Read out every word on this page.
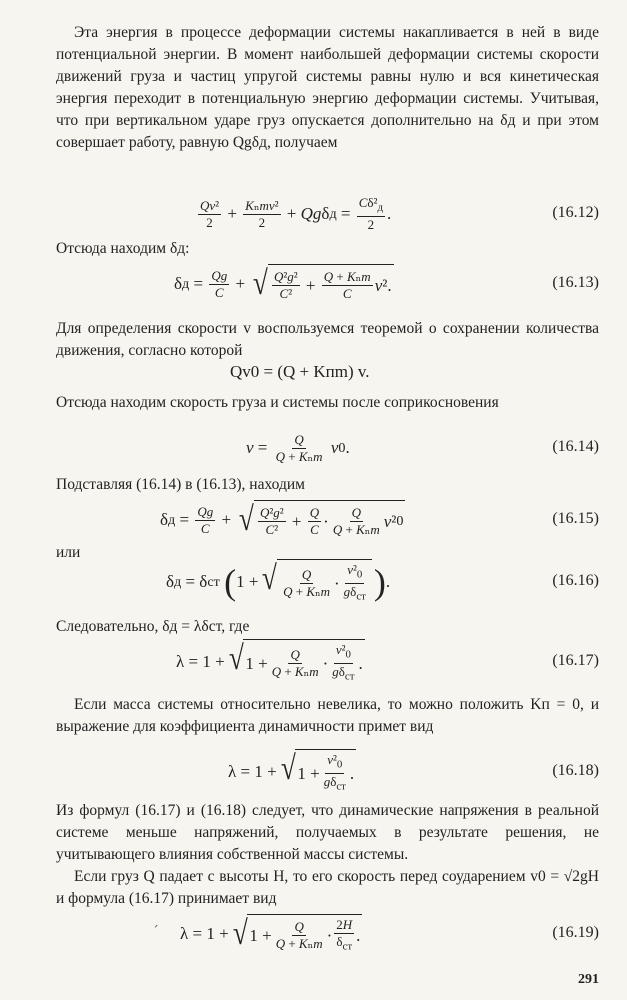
Эта энергия в процессе деформации системы накапливается в ней в виде потенциальной энергии. В момент наибольшей деформации системы скорости движений груза и частиц упругой системы равны нулю и вся кинетическая энергия переходит в потенциальную энергию деформации системы. Учитывая, что при вертикальном ударе груз опускается дополнительно на δд и при этом совершает работу, равную Qgδд, получаем
$\frac{\text{Qv²}}{2} + \frac{\text{Kₙmv²}}{2} + Qg$ δ $д = \frac{C\delta^2_д}{2}$ .	(16.12)
Отсюда находим δд:
δ $д = \frac{Qg}{C}$ + √ $\frac{\text{Q²g²}}{\text{C²}} + \frac{\text{Q + Kₙm}}{C}$ v ².	(16.13)
Для определения скорости v воспользуемся теоремой о сохранении количества движения, согласно которой
Qv0 = (Q + Kпm) v.
Отсюда находим скорость груза и системы после соприкосновения
$v = \frac{Q}{\text{Q + Kₙm}}$
v 0 .	(16.14)
Подставляя (16.14) в (16.13), находим
δ $д = \frac{Qg}{C}$ + √ $\frac{\text{Q²g²}}{\text{C²}} + \frac{Q}{C} \cdot \frac{Q}{\text{Q + Kₙm}}$ v ² 0	(16.15)
или
δ д = δ ст
( 1 + √ $\frac{Q}{\text{Q + Kₙm}} \cdot \frac{v^2_0}{g\delta_{ст}}$ ) .	(16.16)
Следовательно, δд = λδст, где
λ = 1 + √ $1 + \frac{Q}{\text{Q + Kₙm}} \cdot \frac{v^2_0}{g\delta_{ст}}$ .	(16.17)
Если масса системы относительно невелика, то можно положить Kп = 0, и выражение для коэффициента динамичности примет вид
λ = 1 + √ $1 + \frac{v^2_0}{g\delta_{ст}}$ .	(16.18)
Из формул (16.17) и (16.18) следует, что динамические напряжения в реальной системе меньше напряжений, получаемых в результате решения, не учитывающего влияния собственной массы системы.
Если груз Q падает с высоты H, то его скорость перед соударением v0 = √2gH и формула (16.17) принимает вид
´ λ = 1 + √ $1 + \frac{Q}{\text{Q + Kₙm}} \cdot \frac{2H}{\delta_{ст}}$ .	(16.19)
291
